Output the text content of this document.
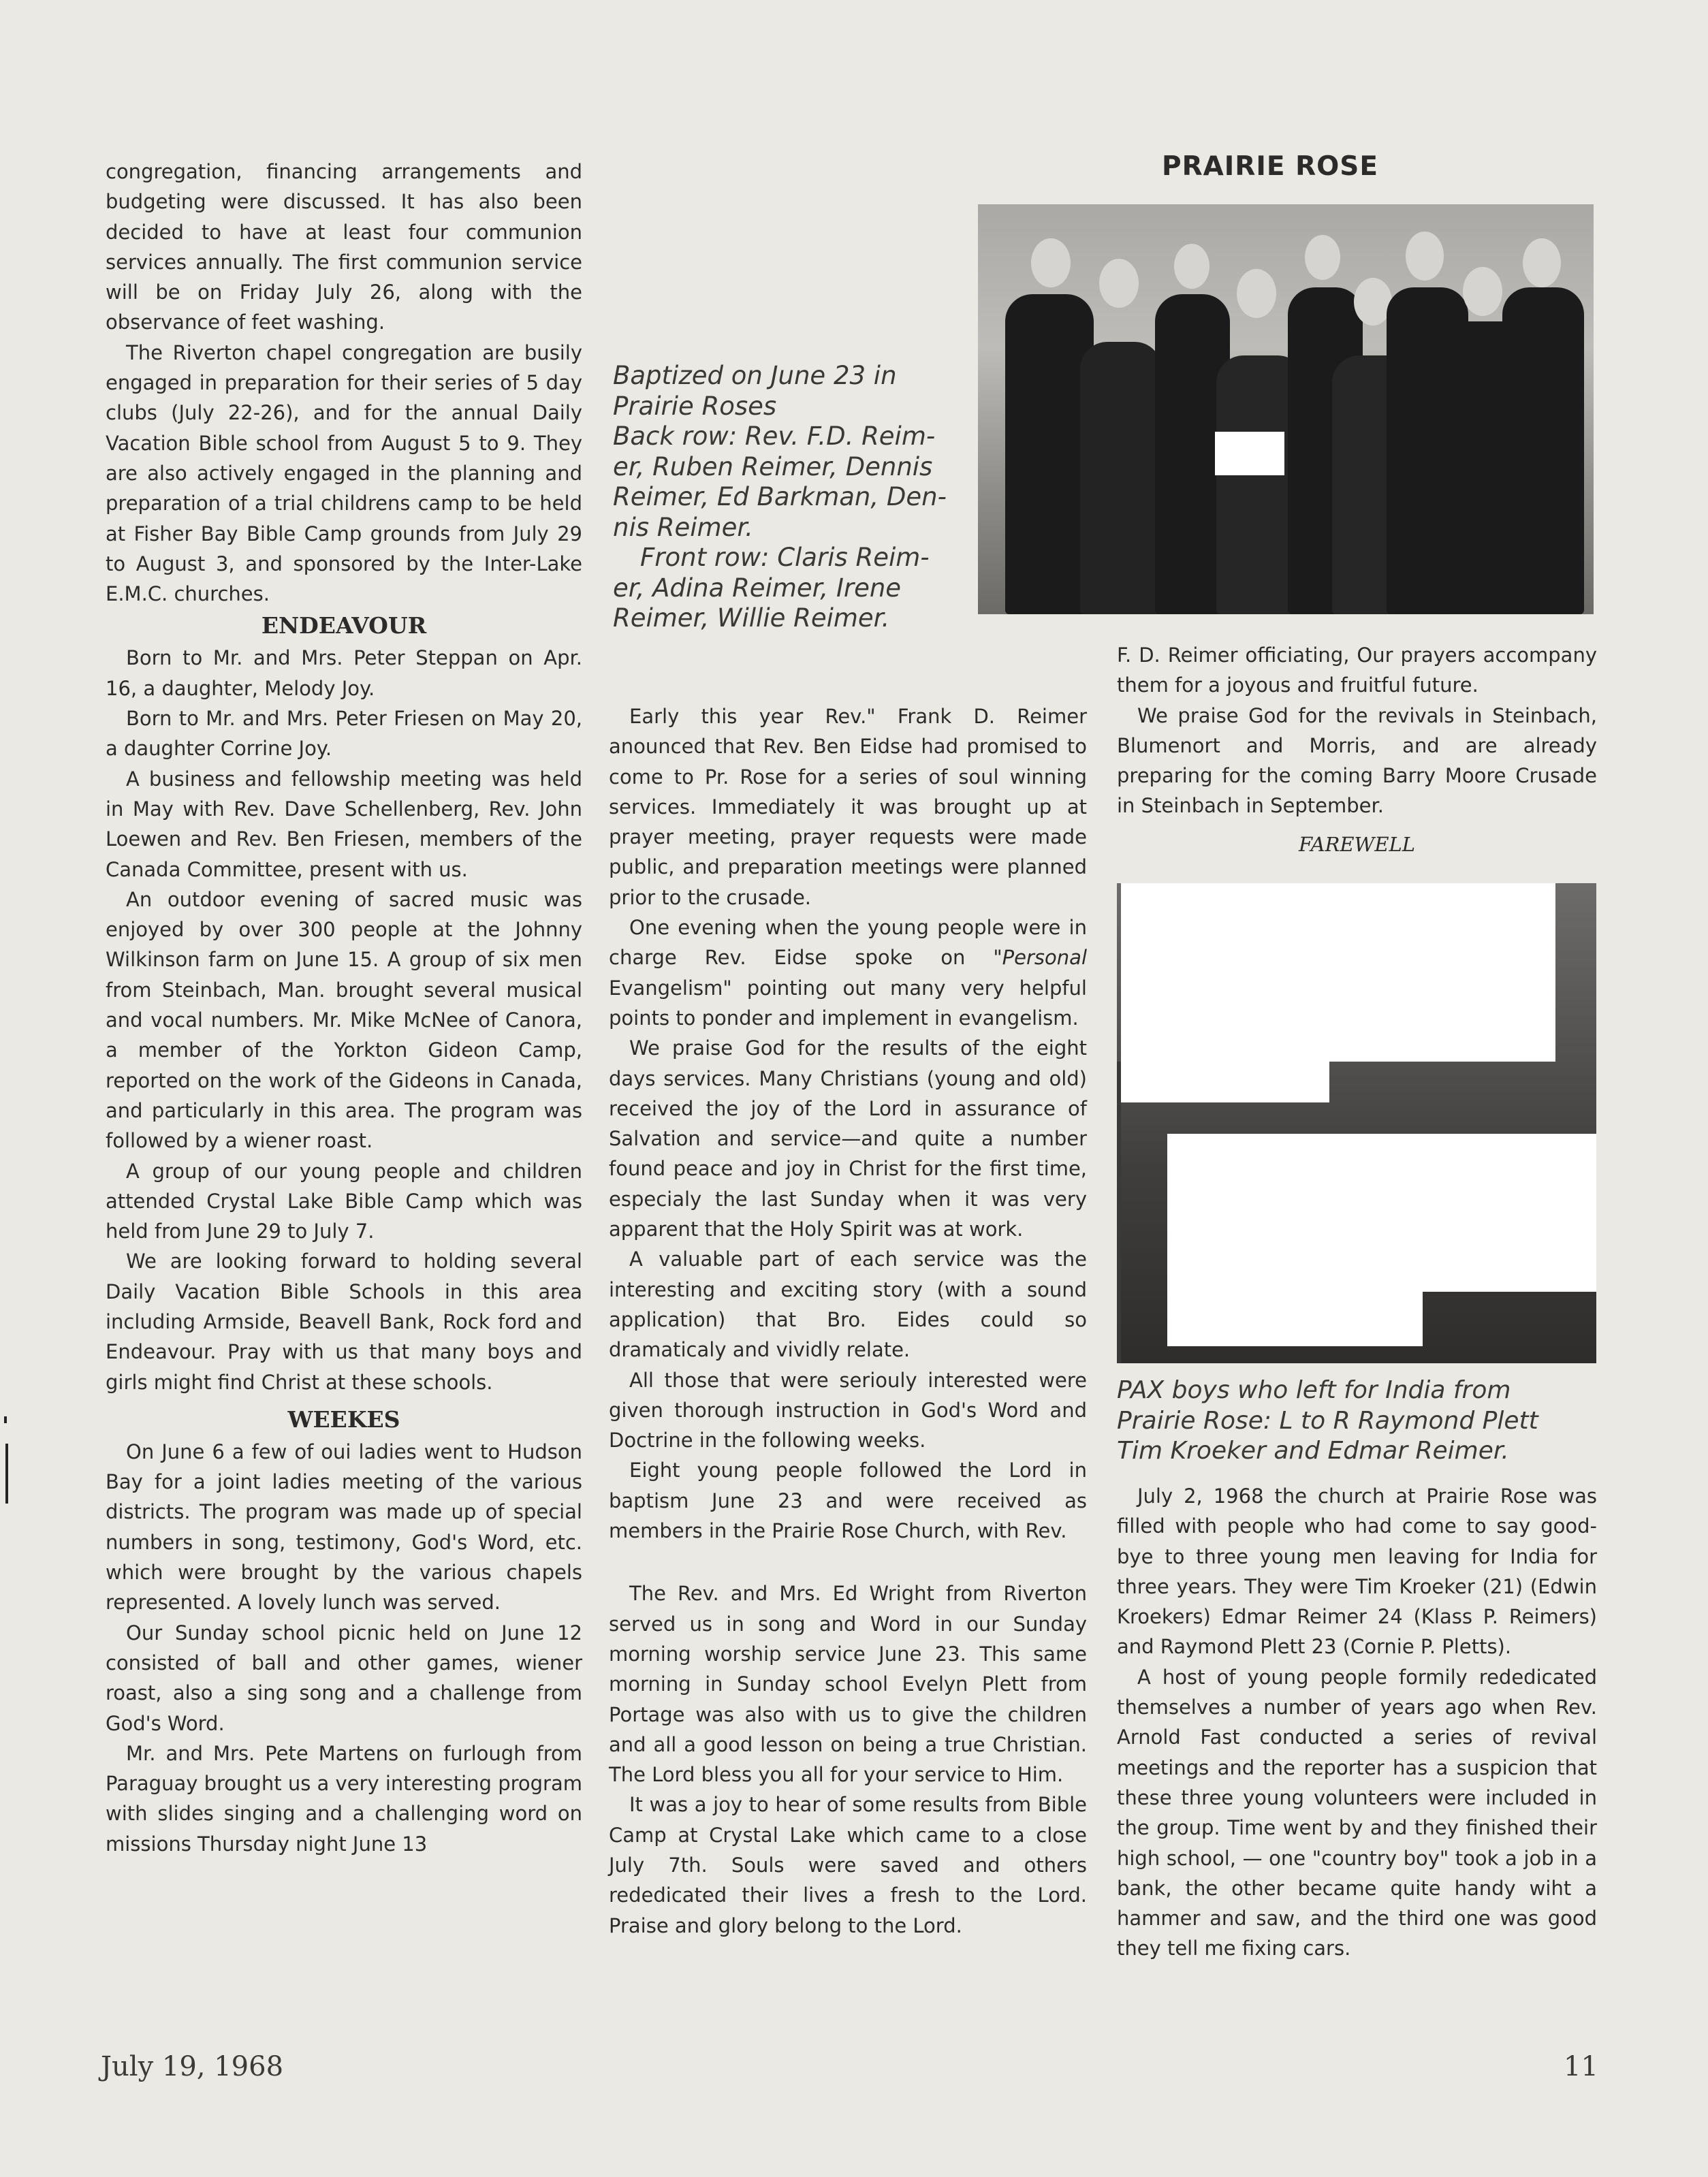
congregation, financing arrangements and budgeting were discussed. It has also been decided to have at least four communion services annually. The first communion service will be on Friday July 26, along with the observance of feet washing.

The Riverton chapel congregation are busily engaged in preparation for their series of 5 day clubs (July 22-26), and for the annual Daily Vacation Bible school from August 5 to 9. They are also actively engaged in the planning and preparation of a trial childrens camp to be held at Fisher Bay Bible Camp grounds from July 29 to August 3, and sponsored by the Inter-Lake E.M.C. churches.

ENDEAVOUR

Born to Mr. and Mrs. Peter Steppan on Apr. 16, a daughter, Melody Joy.

Born to Mr. and Mrs. Peter Friesen on May 20, a daughter Corrine Joy.

A business and fellowship meeting was held in May with Rev. Dave Schellenberg, Rev. John Loewen and Rev. Ben Friesen, members of the Canada Committee, present with us.

An outdoor evening of sacred music was enjoyed by over 300 people at the Johnny Wilkinson farm on June 15. A group of six men from Steinbach, Man. brought several musical and vocal numbers. Mr. Mike McNee of Canora, a member of the Yorkton Gideon Camp, reported on the work of the Gideons in Canada, and particularly in this area. The program was followed by a wiener roast.

A group of our young people and children attended Crystal Lake Bible Camp which was held from June 29 to July 7.

We are looking forward to holding several Daily Vacation Bible Schools in this area including Armside, Beavell Bank, Rock ford and Endeavour. Pray with us that many boys and girls might find Christ at these schools.

WEEKES

On June 6 a few of oui ladies went to Hudson Bay for a joint ladies meeting of the various districts. The program was made up of special numbers in song, testimony, God's Word, etc. which were brought by the various chapels represented. A lovely lunch was served.

Our Sunday school picnic held on June 12 consisted of ball and other games, wiener roast, also a sing song and a challenge from God's Word.

Mr. and Mrs. Pete Martens on furlough from Paraguay brought us a very interesting program with slides singing and a challenging word on missions Thursday night June 13

PRAIRIE ROSE
Baptized on June 23 in
Prairie Roses
Back row: Rev. F.D. Reim-
er, Ruben Reimer, Dennis
Reimer, Ed Barkman, Den-
nis Reimer.
Front row: Claris Reim-
er, Adina Reimer, Irene
Reimer, Willie Reimer.

Early this year Rev." Frank D. Reimer anounced that Rev. Ben Eidse had promised to come to Pr. Rose for a series of soul winning services. Immediately it was brought up at prayer meeting, prayer requests were made public, and preparation meetings were planned prior to the crusade.

One evening when the young people were in charge Rev. Eidse spoke on "Personal Evangelism" pointing out many very helpful points to ponder and implement in evangelism.

We praise God for the results of the eight days services. Many Christians (young and old) received the joy of the Lord in assurance of Salvation and service—and quite a number found peace and joy in Christ for the first time, especialy the last Sunday when it was very apparent that the Holy Spirit was at work.

A valuable part of each service was the interesting and exciting story (with a sound application) that Bro. Eides could so dramaticaly and vividly relate.

All those that were seriouly interested were given thorough instruction in God's Word and Doctrine in the following weeks.

Eight young people followed the Lord in baptism June 23 and were received as members in the Prairie Rose Church, with Rev.

The Rev. and Mrs. Ed Wright from Riverton served us in song and Word in our Sunday morning worship service June 23. This same morning in Sunday school Evelyn Plett from Portage was also with us to give the children and all a good lesson on being a true Christian. The Lord bless you all for your service to Him.

It was a joy to hear of some results from Bible Camp at Crystal Lake which came to a close July 7th. Souls were saved and others rededicated their lives a fresh to the Lord. Praise and glory belong to the Lord.

F. D. Reimer officiating, Our prayers accompany them for a joyous and fruitful future.

We praise God for the revivals in Steinbach, Blumenort and Morris, and are already preparing for the coming Barry Moore Crusade in Steinbach in September.

FAREWELL

PAX boys who left for India from
Prairie Rose: L to R Raymond Plett
Tim Kroeker and Edmar Reimer.

July 2, 1968 the church at Prairie Rose was filled with people who had come to say good-bye to three young men leaving for India for three years. They were Tim Kroeker (21) (Edwin Kroekers) Edmar Reimer 24 (Klass P. Reimers) and Raymond Plett 23 (Cornie P. Pletts).

A host of young people formily rededicated themselves a number of years ago when Rev. Arnold Fast conducted a series of revival meetings and the reporter has a suspicion that these three young volunteers were included in the group. Time went by and they finished their high school, — one "country boy" took a job in a bank, the other became quite handy wiht a hammer and saw, and the third one was good they tell me fixing cars.

July 19, 1968	11
